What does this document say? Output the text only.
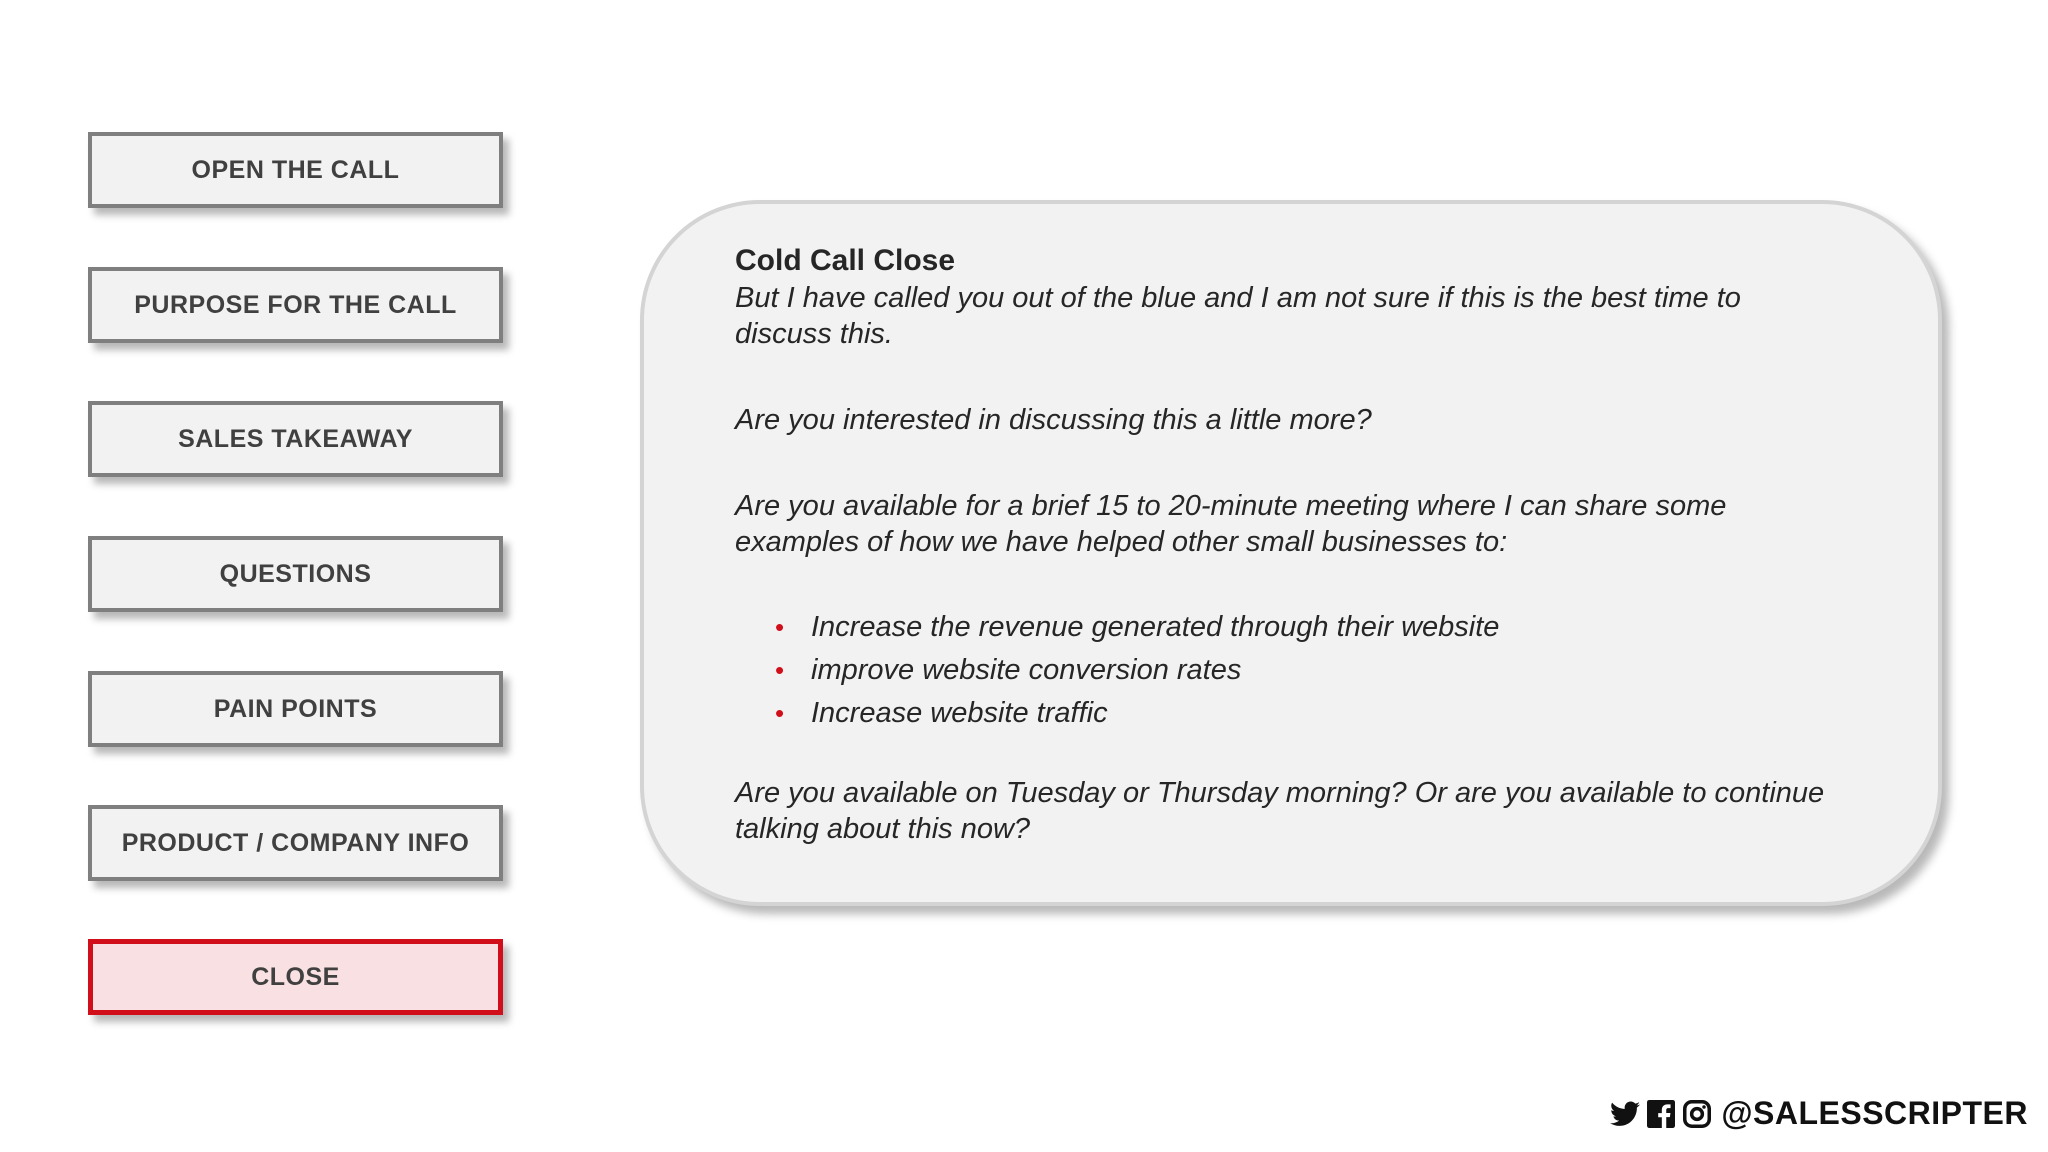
OPEN THE CALL
PURPOSE FOR THE CALL
SALES TAKEAWAY
QUESTIONS
PAIN POINTS
PRODUCT / COMPANY INFO
CLOSE

Cold Call Close

But I have called you out of the blue and I am not sure if this is the best time to discuss this.

Are you interested in discussing this a little more?

Are you available for a brief 15 to 20-minute meeting where I can share some examples of how we have helped other small businesses to:

• Increase the revenue generated through their website
• improve website conversion rates
• Increase website traffic

Are you available on Tuesday or Thursday morning? Or are you available to continue talking about this now?

@SALESSCRIPTER
